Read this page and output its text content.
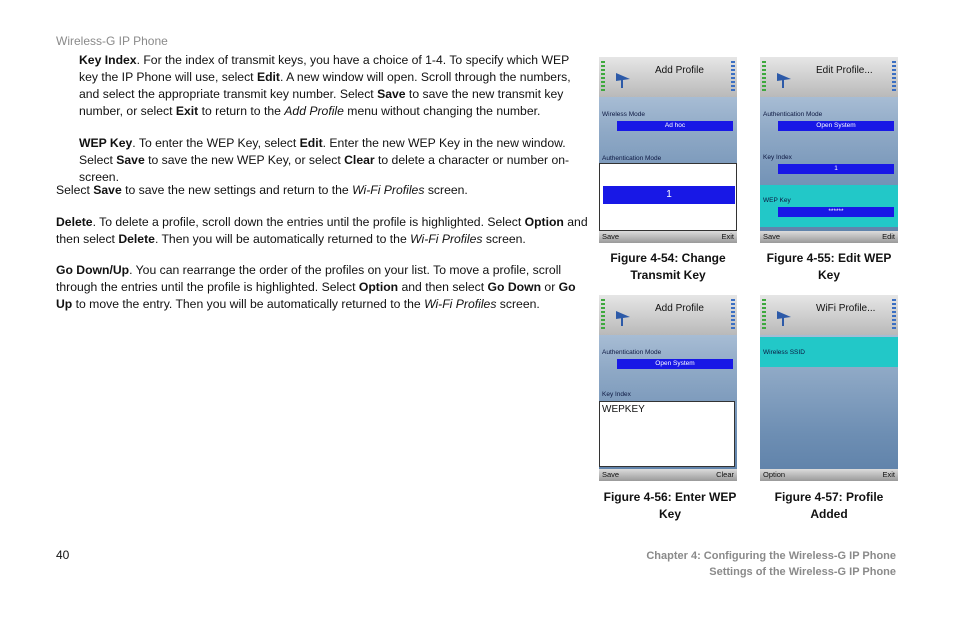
Wireless-G IP Phone
Key Index. For the index of transmit keys, you have a choice of 1-4. To specify which WEP key the IP Phone will use, select Edit. A new window will open. Scroll through the numbers, and select the appropriate transmit key number. Select Save to save the new transmit key number, or select Exit to return to the Add Profile menu without changing the number.
WEP Key. To enter the WEP Key, select Edit. Enter the new WEP Key in the new window. Select Save to save the new WEP Key, or select Clear to delete a character or number on-screen.
Select Save to save the new settings and return to the Wi-Fi Profiles screen.
Delete. To delete a profile, scroll down the entries until the profile is highlighted. Select Option and then select Delete. Then you will be automatically returned to the Wi-Fi Profiles screen.
Go Down/Up. You can rearrange the order of the profiles on your list. To move a profile, scroll through the entries until the profile is highlighted. Select Option and then select Go Down or Go Up to move the entry. Then you will be automatically returned to the Wi-Fi Profiles screen.
Add Profile
Wireless Mode
Ad hoc
Authentication Mode
1
Save	Exit
Figure 4-54: Change
Transmit Key
Edit Profile...
Authentication Mode
Open System
Key Index
1
WEP Key
******
Save	Edit
Figure 4-55: Edit WEP
Key
Add Profile
Authentication Mode
Open System
Key Index
WEPKEY
Save	Clear
Figure 4-56: Enter WEP
Key
WiFi Profile...
Wireless SSID
Option	Exit
Figure 4-57: Profile
Added
40	Chapter 4: Configuring the Wireless-G IP Phone
Settings of the Wireless-G IP Phone
